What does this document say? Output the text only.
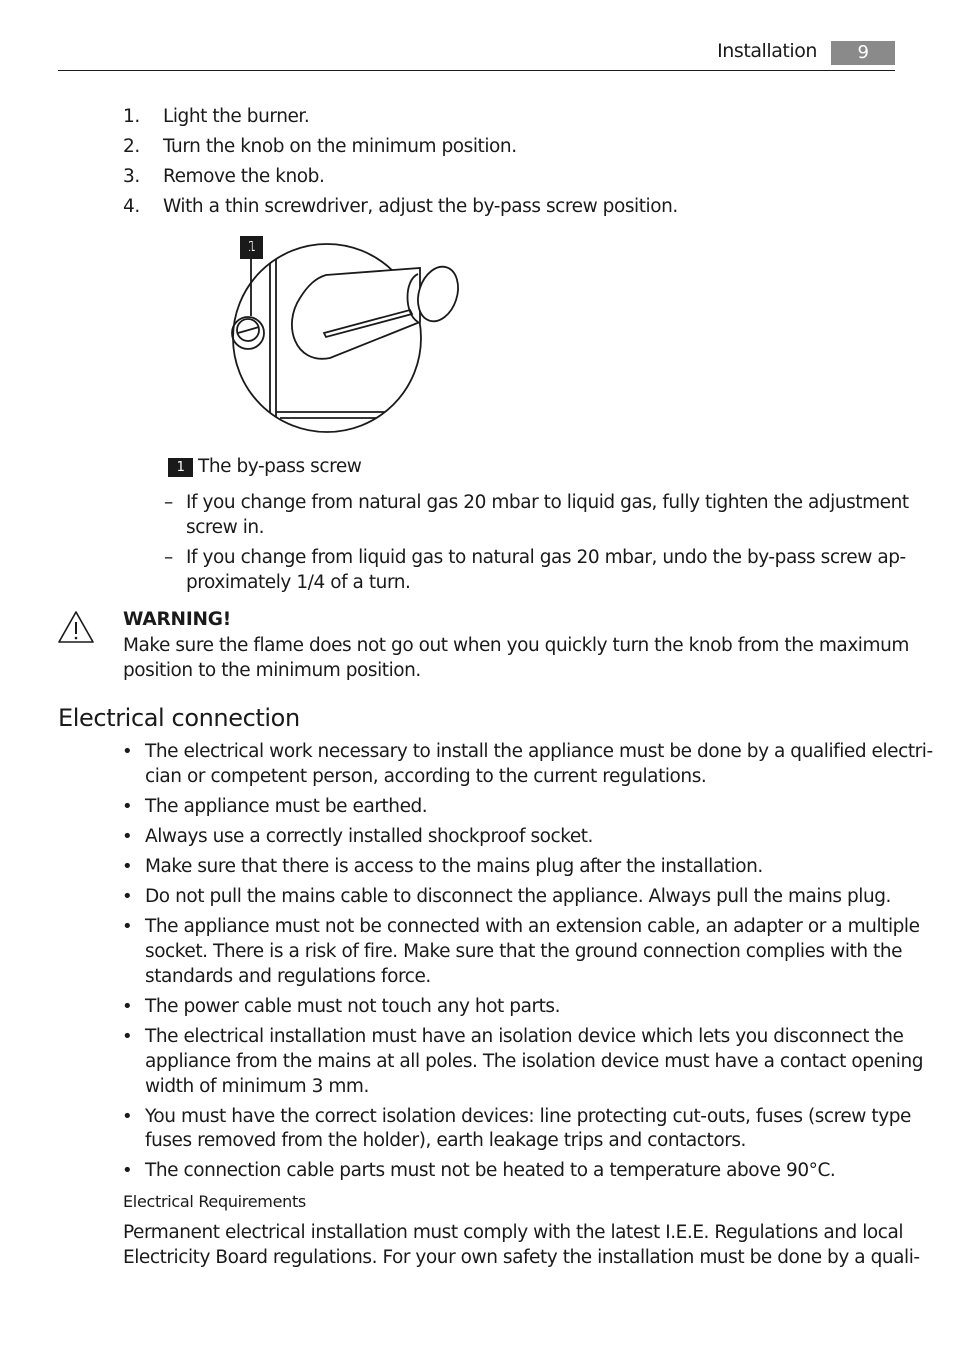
Installation	9
1.	Light the burner.
2.	Turn the knob on the minimum position.
3.	Remove the knob.
4.	With a thin screwdriver, adjust the by-pass screw position.
1
1 The by-pass screw
– If you change from natural gas 20 mbar to liquid gas, fully tighten the adjustment
screw in.
– If you change from liquid gas to natural gas 20 mbar, undo the by-pass screw ap-
proximately 1/4 of a turn.
WARNING!
Make sure the flame does not go out when you quickly turn the knob from the maximum
position to the minimum position.
Electrical connection
• The electrical work necessary to install the appliance must be done by a qualified electri-
cian or competent person, according to the current regulations.
• The appliance must be earthed.
• Always use a correctly installed shockproof socket.
• Make sure that there is access to the mains plug after the installation.
• Do not pull the mains cable to disconnect the appliance. Always pull the mains plug.
• The appliance must not be connected with an extension cable, an adapter or a multiple
socket. There is a risk of fire. Make sure that the ground connection complies with the
standards and regulations force.
• The power cable must not touch any hot parts.
• The electrical installation must have an isolation device which lets you disconnect the
appliance from the mains at all poles. The isolation device must have a contact opening
width of minimum 3 mm.
• You must have the correct isolation devices: line protecting cut-outs, fuses (screw type
fuses removed from the holder), earth leakage trips and contactors.
• The connection cable parts must not be heated to a temperature above 90°C.
Electrical Requirements
Permanent electrical installation must comply with the latest I.E.E. Regulations and local
Electricity Board regulations. For your own safety the installation must be done by a quali-
